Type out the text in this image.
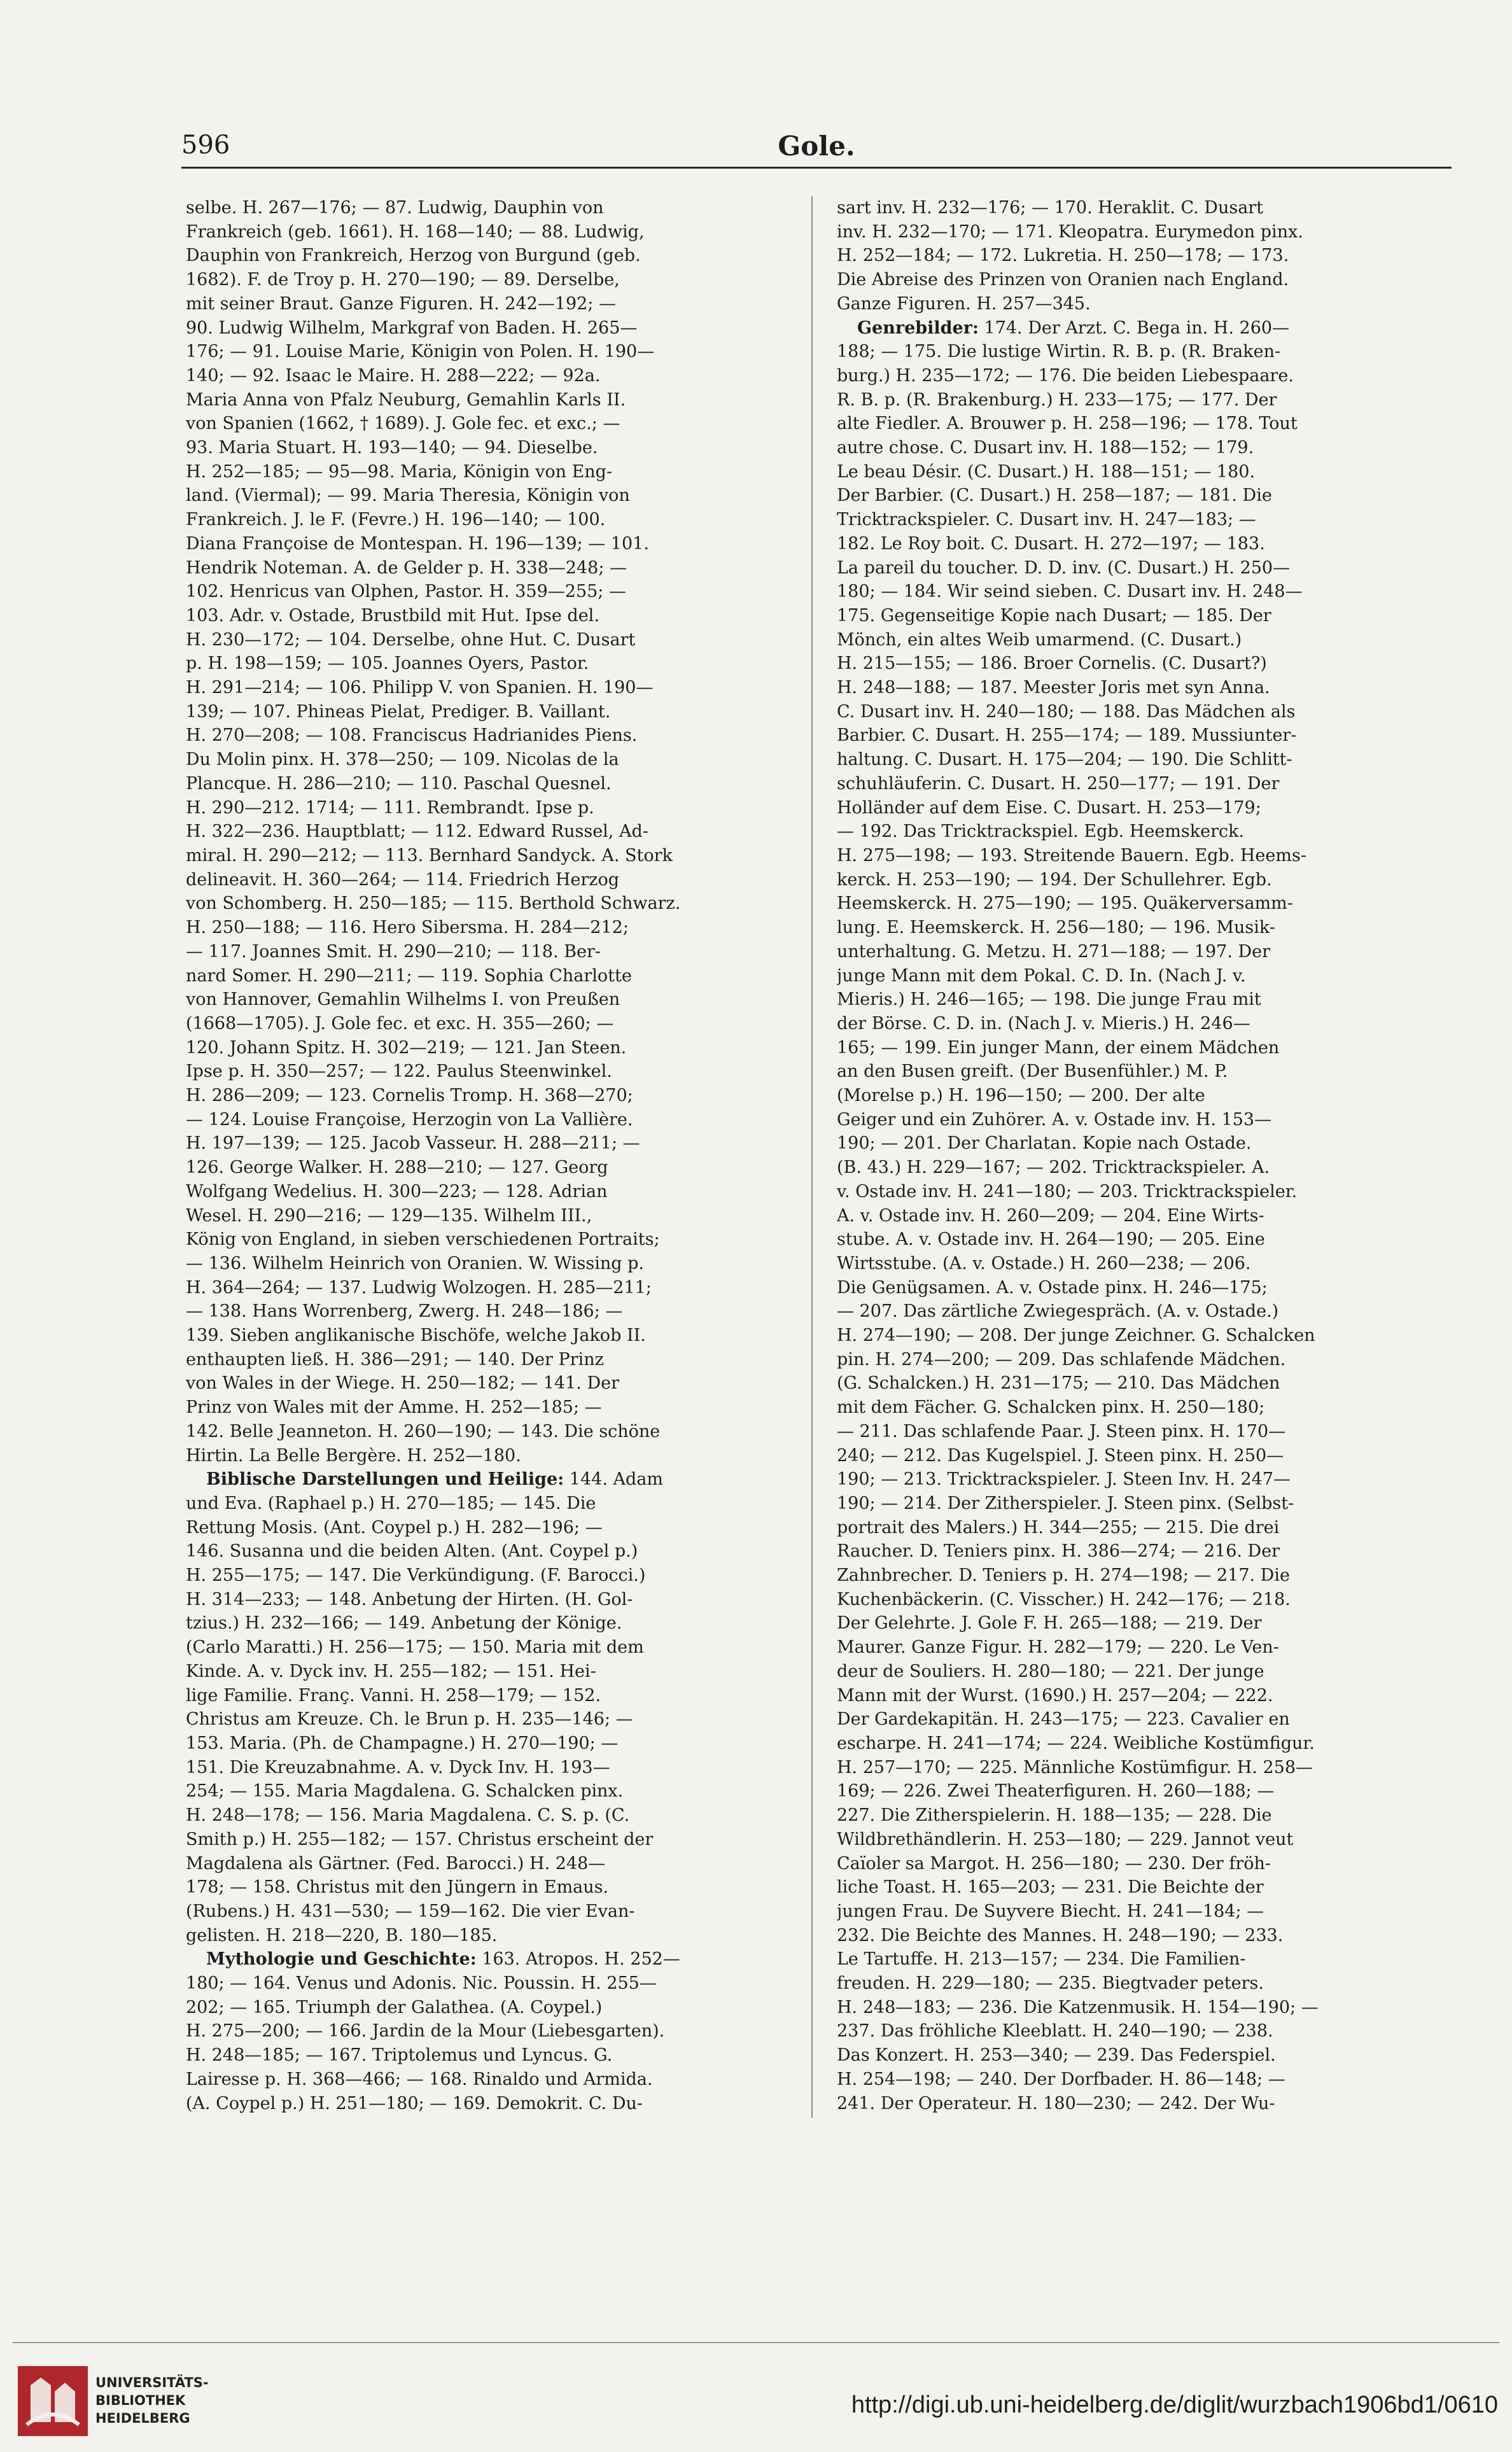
596	Gole.

selbe. H. 267—176; — 87. Ludwig, Dauphin von
Frankreich (geb. 1661). H. 168—140; — 88. Ludwig,
Dauphin von Frankreich, Herzog von Burgund (geb.
1682). F. de Troy p. H. 270—190; — 89. Derselbe,
mit seiner Braut. Ganze Figuren. H. 242—192; —
90. Ludwig Wilhelm, Markgraf von Baden. H. 265—
176; — 91. Louise Marie, Königin von Polen. H. 190—
140; — 92. Isaac le Maire. H. 288—222; — 92a.
Maria Anna von Pfalz Neuburg, Gemahlin Karls II.
von Spanien (1662, † 1689). J. Gole fec. et exc.; —
93. Maria Stuart. H. 193—140; — 94. Dieselbe.
H. 252—185; — 95—98. Maria, Königin von Eng-
land. (Viermal); — 99. Maria Theresia, Königin von
Frankreich. J. le F. (Fevre.) H. 196—140; — 100.
Diana Françoise de Montespan. H. 196—139; — 101.
Hendrik Noteman. A. de Gelder p. H. 338—248; —
102. Henricus van Olphen, Pastor. H. 359—255; —
103. Adr. v. Ostade, Brustbild mit Hut. Ipse del.
H. 230—172; — 104. Derselbe, ohne Hut. C. Dusart
p. H. 198—159; — 105. Joannes Oyers, Pastor.
H. 291—214; — 106. Philipp V. von Spanien. H. 190—
139; — 107. Phineas Pielat, Prediger. B. Vaillant.
H. 270—208; — 108. Franciscus Hadrianides Piens.
Du Molin pinx. H. 378—250; — 109. Nicolas de la
Plancque. H. 286—210; — 110. Paschal Quesnel.
H. 290—212. 1714; — 111. Rembrandt. Ipse p.
H. 322—236. Hauptblatt; — 112. Edward Russel, Ad-
miral. H. 290—212; — 113. Bernhard Sandyck. A. Stork
delineavit. H. 360—264; — 114. Friedrich Herzog
von Schomberg. H. 250—185; — 115. Berthold Schwarz.
H. 250—188; — 116. Hero Sibersma. H. 284—212;
— 117. Joannes Smit. H. 290—210; — 118. Ber-
nard Somer. H. 290—211; — 119. Sophia Charlotte
von Hannover, Gemahlin Wilhelms I. von Preußen
(1668—1705). J. Gole fec. et exc. H. 355—260; —
120. Johann Spitz. H. 302—219; — 121. Jan Steen.
Ipse p. H. 350—257; — 122. Paulus Steenwinkel.
H. 286—209; — 123. Cornelis Tromp. H. 368—270;
— 124. Louise Françoise, Herzogin von La Vallière.
H. 197—139; — 125. Jacob Vasseur. H. 288—211; —
126. George Walker. H. 288—210; — 127. Georg
Wolfgang Wedelius. H. 300—223; — 128. Adrian
Wesel. H. 290—216; — 129—135. Wilhelm III.,
König von England, in sieben verschiedenen Portraits;
— 136. Wilhelm Heinrich von Oranien. W. Wissing p.
H. 364—264; — 137. Ludwig Wolzogen. H. 285—211;
— 138. Hans Worrenberg, Zwerg. H. 248—186; —
139. Sieben anglikanische Bischöfe, welche Jakob II.
enthaupten ließ. H. 386—291; — 140. Der Prinz
von Wales in der Wiege. H. 250—182; — 141. Der
Prinz von Wales mit der Amme. H. 252—185; —
142. Belle Jeanneton. H. 260—190; — 143. Die schöne
Hirtin. La Belle Bergère. H. 252—180.

Biblische Darstellungen und Heilige: 144. Adam
und Eva. (Raphael p.) H. 270—185; — 145. Die
Rettung Mosis. (Ant. Coypel p.) H. 282—196; —
146. Susanna und die beiden Alten. (Ant. Coypel p.)
H. 255—175; — 147. Die Verkündigung. (F. Barocci.)
H. 314—233; — 148. Anbetung der Hirten. (H. Gol-
tzius.) H. 232—166; — 149. Anbetung der Könige.
(Carlo Maratti.) H. 256—175; — 150. Maria mit dem
Kinde. A. v. Dyck inv. H. 255—182; — 151. Hei-
lige Familie. Franç. Vanni. H. 258—179; — 152.
Christus am Kreuze. Ch. le Brun p. H. 235—146; —
153. Maria. (Ph. de Champagne.) H. 270—190; —
151. Die Kreuzabnahme. A. v. Dyck Inv. H. 193—
254; — 155. Maria Magdalena. G. Schalcken pinx.
H. 248—178; — 156. Maria Magdalena. C. S. p. (C.
Smith p.) H. 255—182; — 157. Christus erscheint der
Magdalena als Gärtner. (Fed. Barocci.) H. 248—
178; — 158. Christus mit den Jüngern in Emaus.
(Rubens.) H. 431—530; — 159—162. Die vier Evan-
gelisten. H. 218—220, B. 180—185.

Mythologie und Geschichte: 163. Atropos. H. 252—
180; — 164. Venus und Adonis. Nic. Poussin. H. 255—
202; — 165. Triumph der Galathea. (A. Coypel.)
H. 275—200; — 166. Jardin de la Mour (Liebesgarten).
H. 248—185; — 167. Triptolemus und Lyncus. G.
Lairesse p. H. 368—466; — 168. Rinaldo und Armida.
(A. Coypel p.) H. 251—180; — 169. Demokrit. C. Du-

sart inv. H. 232—176; — 170. Heraklit. C. Dusart
inv. H. 232—170; — 171. Kleopatra. Eurymedon pinx.
H. 252—184; — 172. Lukretia. H. 250—178; — 173.
Die Abreise des Prinzen von Oranien nach England.
Ganze Figuren. H. 257—345.

Genrebilder: 174. Der Arzt. C. Bega in. H. 260—
188; — 175. Die lustige Wirtin. R. B. p. (R. Braken-
burg.) H. 235—172; — 176. Die beiden Liebespaare.
R. B. p. (R. Brakenburg.) H. 233—175; — 177. Der
alte Fiedler. A. Brouwer p. H. 258—196; — 178. Tout
autre chose. C. Dusart inv. H. 188—152; — 179.
Le beau Désir. (C. Dusart.) H. 188—151; — 180.
Der Barbier. (C. Dusart.) H. 258—187; — 181. Die
Tricktrackspieler. C. Dusart inv. H. 247—183; —
182. Le Roy boit. C. Dusart. H. 272—197; — 183.
La pareil du toucher. D. D. inv. (C. Dusart.) H. 250—
180; — 184. Wir seind sieben. C. Dusart inv. H. 248—
175. Gegenseitige Kopie nach Dusart; — 185. Der
Mönch, ein altes Weib umarmend. (C. Dusart.)
H. 215—155; — 186. Broer Cornelis. (C. Dusart?)
H. 248—188; — 187. Meester Joris met syn Anna.
C. Dusart inv. H. 240—180; — 188. Das Mädchen als
Barbier. C. Dusart. H. 255—174; — 189. Mussiunter-
haltung. C. Dusart. H. 175—204; — 190. Die Schlitt-
schuhläuferin. C. Dusart. H. 250—177; — 191. Der
Holländer auf dem Eise. C. Dusart. H. 253—179;
— 192. Das Tricktrackspiel. Egb. Heemskerck.
H. 275—198; — 193. Streitende Bauern. Egb. Heems-
kerck. H. 253—190; — 194. Der Schullehrer. Egb.
Heemskerck. H. 275—190; — 195. Quäkerversamm-
lung. E. Heemskerck. H. 256—180; — 196. Musik-
unterhaltung. G. Metzu. H. 271—188; — 197. Der
junge Mann mit dem Pokal. C. D. In. (Nach J. v.
Mieris.) H. 246—165; — 198. Die junge Frau mit
der Börse. C. D. in. (Nach J. v. Mieris.) H. 246—
165; — 199. Ein junger Mann, der einem Mädchen
an den Busen greift. (Der Busenfühler.) M. P.
(Morelse p.) H. 196—150; — 200. Der alte
Geiger und ein Zuhörer. A. v. Ostade inv. H. 153—
190; — 201. Der Charlatan. Kopie nach Ostade.
(B. 43.) H. 229—167; — 202. Tricktrackspieler. A.
v. Ostade inv. H. 241—180; — 203. Tricktrackspieler.
A. v. Ostade inv. H. 260—209; — 204. Eine Wirts-
stube. A. v. Ostade inv. H. 264—190; — 205. Eine
Wirtsstube. (A. v. Ostade.) H. 260—238; — 206.
Die Genügsamen. A. v. Ostade pinx. H. 246—175;
— 207. Das zärtliche Zwiegespräch. (A. v. Ostade.)
H. 274—190; — 208. Der junge Zeichner. G. Schalcken
pin. H. 274—200; — 209. Das schlafende Mädchen.
(G. Schalcken.) H. 231—175; — 210. Das Mädchen
mit dem Fächer. G. Schalcken pinx. H. 250—180;
— 211. Das schlafende Paar. J. Steen pinx. H. 170—
240; — 212. Das Kugelspiel. J. Steen pinx. H. 250—
190; — 213. Tricktrackspieler. J. Steen Inv. H. 247—
190; — 214. Der Zitherspieler. J. Steen pinx. (Selbst-
portrait des Malers.) H. 344—255; — 215. Die drei
Raucher. D. Teniers pinx. H. 386—274; — 216. Der
Zahnbrecher. D. Teniers p. H. 274—198; — 217. Die
Kuchenbäckerin. (C. Visscher.) H. 242—176; — 218.
Der Gelehrte. J. Gole F. H. 265—188; — 219. Der
Maurer. Ganze Figur. H. 282—179; — 220. Le Ven-
deur de Souliers. H. 280—180; — 221. Der junge
Mann mit der Wurst. (1690.) H. 257—204; — 222.
Der Gardekapitän. H. 243—175; — 223. Cavalier en
escharpe. H. 241—174; — 224. Weibliche Kostümfigur.
H. 257—170; — 225. Männliche Kostümfigur. H. 258—
169; — 226. Zwei Theaterfiguren. H. 260—188; —
227. Die Zitherspielerin. H. 188—135; — 228. Die
Wildbrethändlerin. H. 253—180; — 229. Jannot veut
Caïoler sa Margot. H. 256—180; — 230. Der fröh-
liche Toast. H. 165—203; — 231. Die Beichte der
jungen Frau. De Suyvere Biecht. H. 241—184; —
232. Die Beichte des Mannes. H. 248—190; — 233.
Le Tartuffe. H. 213—157; — 234. Die Familien-
freuden. H. 229—180; — 235. Biegtvader peters.
H. 248—183; — 236. Die Katzenmusik. H. 154—190; —
237. Das fröhliche Kleeblatt. H. 240—190; — 238.
Das Konzert. H. 253—340; — 239. Das Federspiel.
H. 254—198; — 240. Der Dorfbader. H. 86—148; —
241. Der Operateur. H. 180—230; — 242. Der Wu-

UNIVERSITÄTS-
BIBLIOTHEK
HEIDELBERG	http://digi.ub.uni-heidelberg.de/diglit/wurzbach1906bd1/0610
